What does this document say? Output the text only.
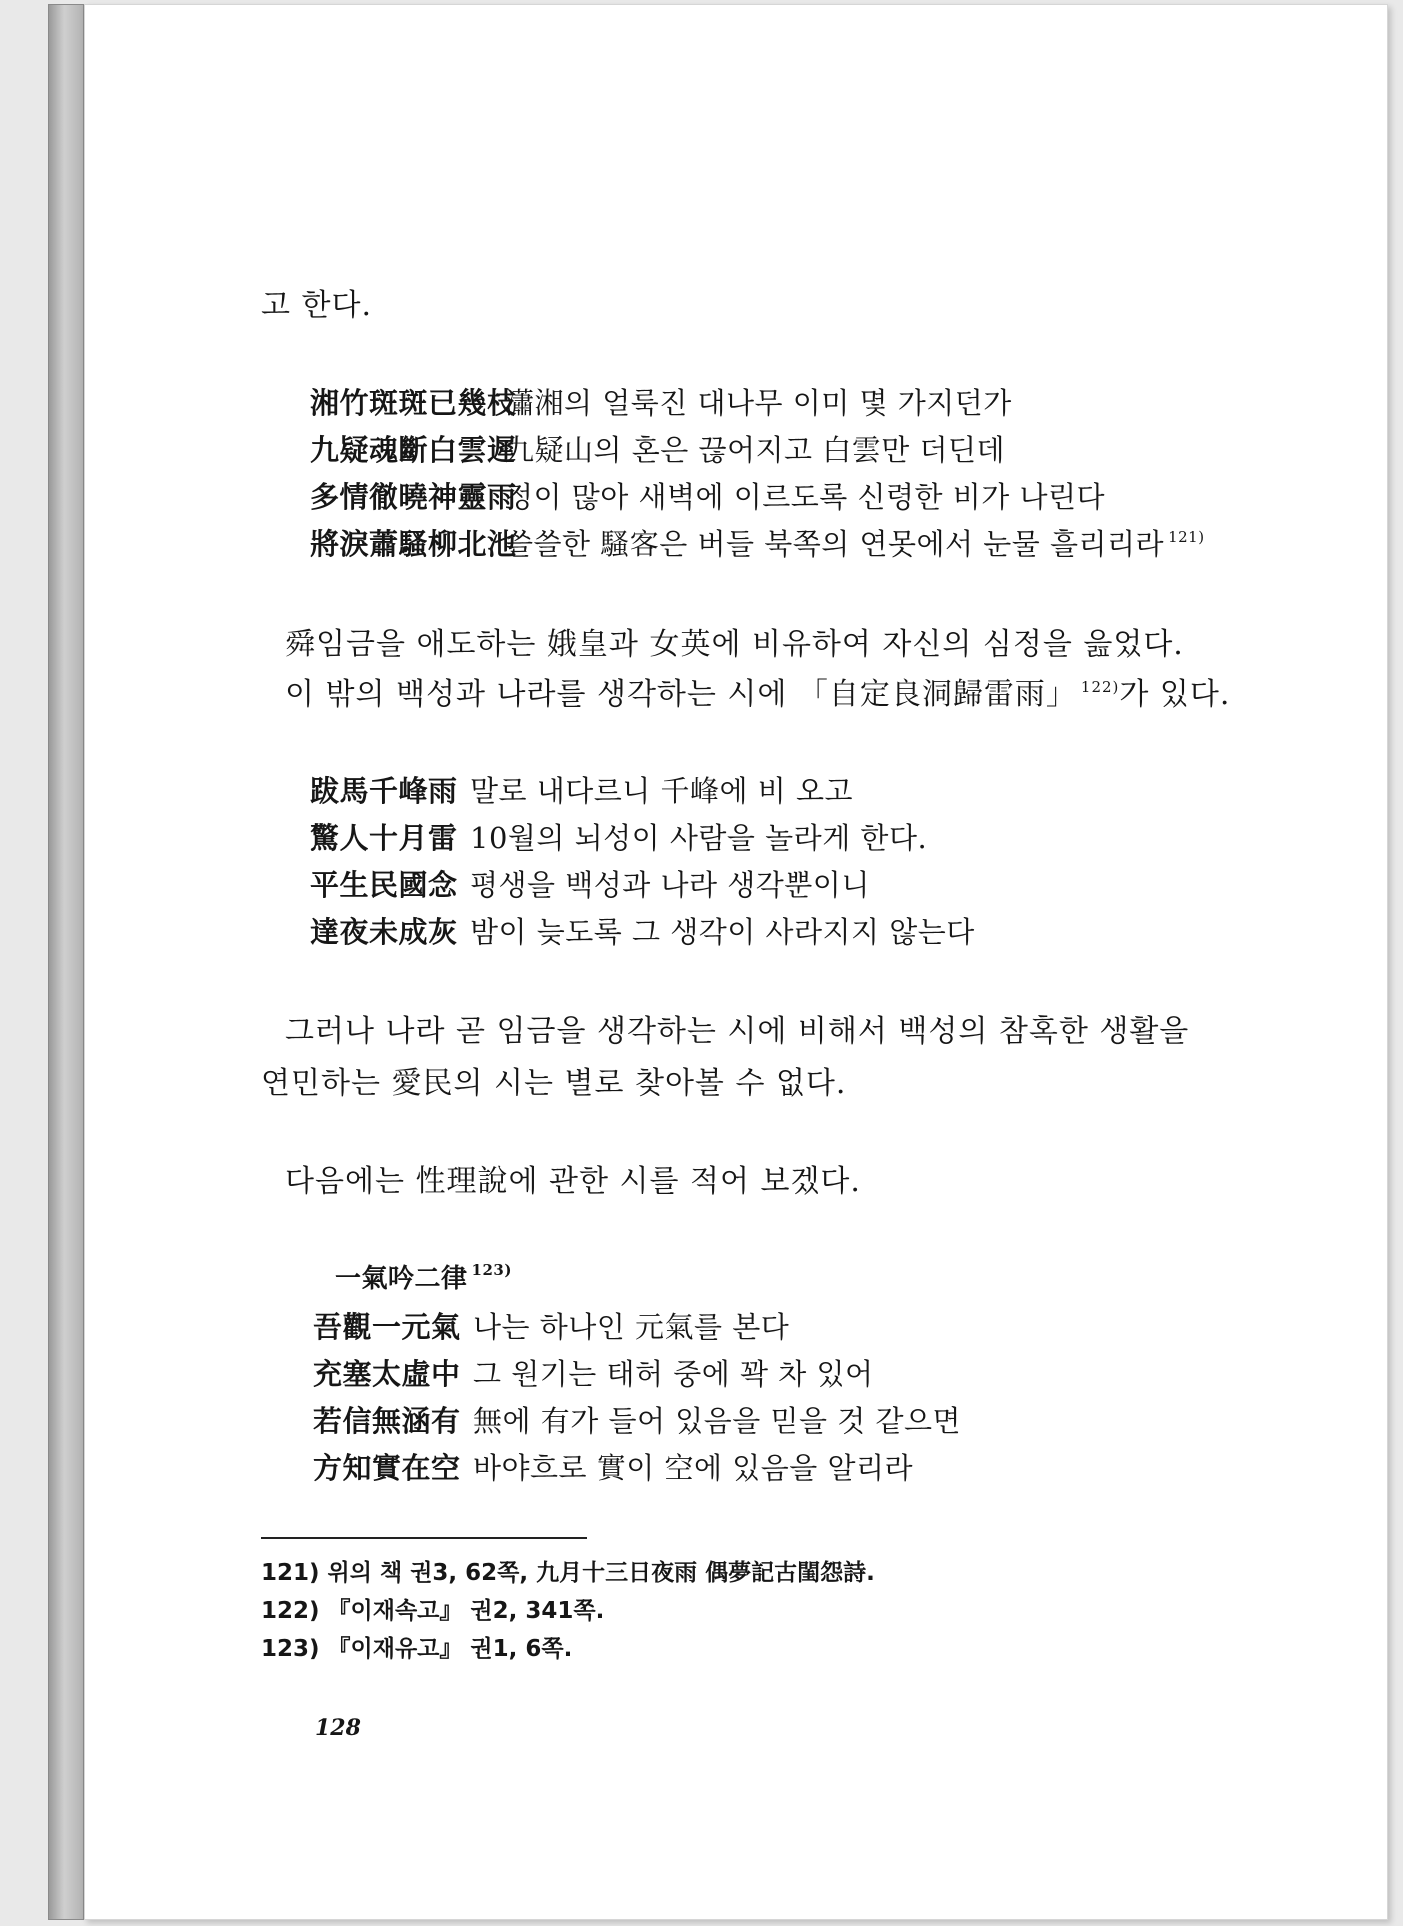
고 한다.
湘竹斑斑已幾枝瀟湘의 얼룩진 대나무 이미 몇 가지던가
九疑魂斷白雲遲九疑山의 혼은 끊어지고 白雲만 더딘데
多情徹曉神靈雨정이 많아 새벽에 이르도록 신령한 비가 나린다
將淚蕭騷柳北池쓸쓸한 騷客은 버들 북쪽의 연못에서 눈물 흘리리라 $^{121)}$
舜임금을 애도하는 娥皇과 女英에 비유하여 자신의 심정을 읊었다.
이 밖의 백성과 나라를 생각하는 시에 「自定良洞歸雷雨」 $^{122)}$가 있다.
跋馬千峰雨 말로 내다르니 千峰에 비 오고
驚人十月雷 10월의 뇌성이 사람을 놀라게 한다.
平生民國念 평생을 백성과 나라 생각뿐이니
達夜未成灰 밤이 늦도록 그 생각이 사라지지 않는다
그러나 나라 곧 임금을 생각하는 시에 비해서 백성의 참혹한 생활을
연민하는 愛民의 시는 별로 찾아볼 수 없다.
다음에는 性理說에 관한 시를 적어 보겠다.
一氣吟二律 $^{123)}$
吾觀一元氣 나는 하나인 元氣를 본다
充塞太虛中 그 원기는 태허 중에 꽉 차 있어
若信無涵有 無에 有가 들어 있음을 믿을 것 같으면
方知實在空 바야흐로 實이 空에 있음을 알리라
121) 위의 책 권3, 62쪽, 九月十三日夜雨 偶夢記古閨怨詩.
122) 『이재속고』 권2, 341쪽.
123) 『이재유고』 권1, 6쪽.
128
